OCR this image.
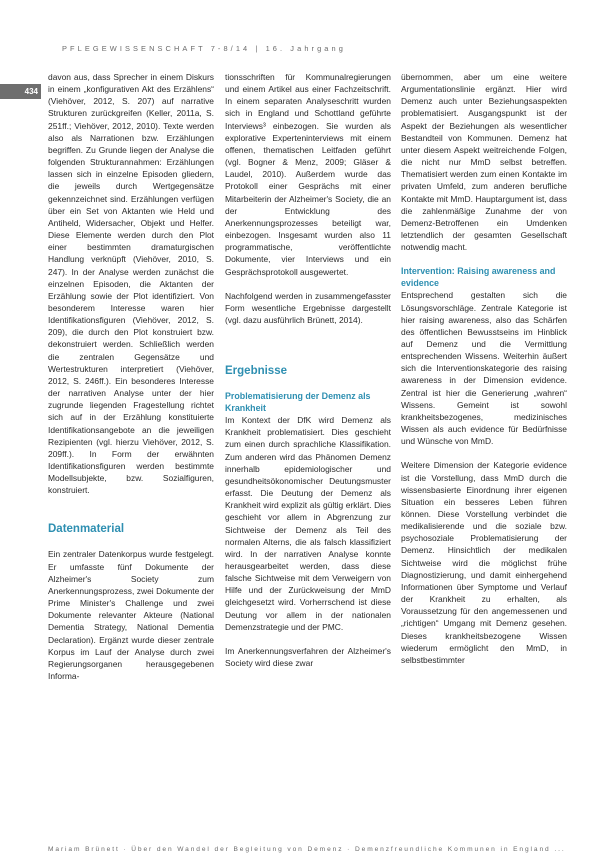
PFLEGEWISSENSCHAFT 7-8/14 | 16. Jahrgang
434

davon aus, dass Sprecher in einem Diskurs in einem „konfigurativen Akt des Erzählens“ (Viehöver, 2012, S. 207) auf narrative Strukturen zurückgreifen (Keller, 2011a, S. 251ff.; Viehöver, 2012, 2010). Texte werden also als Narrationen bzw. Erzählungen begriffen. Zu Grunde liegen der Analyse die folgenden Strukturannahmen: Erzählungen lassen sich in einzelne Episoden gliedern, die jeweils durch Wertgegensätze gekennzeichnet sind. Erzählungen verfügen über ein Set von Aktanten wie Held und Antiheld, Widersacher, Objekt und Helfer. Diese Elemente werden durch den Plot einer bestimmten dramaturgischen Handlung verknüpft (Viehöver, 2010, S. 247). In der Analyse werden zunächst die einzelnen Episoden, die Aktanten der Erzählung sowie der Plot identifiziert. Von besonderem Interesse waren hier Identifikationsfiguren (Viehöver, 2012, S. 209), die durch den Plot konstruiert bzw. dekonstruiert werden. Schließlich werden die zentralen Gegensätze und Wertestrukturen interpretiert (Viehöver, 2012, S. 246ff.). Ein besonderes Interesse der narrativen Analyse unter der hier zugrunde liegenden Fragestellung richtet sich auf in der Erzählung konstituierte Identifikationsangebote an die jeweiligen Rezipienten (vgl. hierzu Viehöver, 2012, S. 209ff.). In Form der erwähnten Identifikationsfiguren werden bestimmte Modellsubjekte, bzw. Sozialfiguren, konstruiert.

Datenmaterial

Ein zentraler Datenkorpus wurde festgelegt. Er umfasste fünf Dokumente der Alzheimer's Society zum Anerkennungsprozess, zwei Dokumente der Prime Minister's Challenge und zwei Dokumente relevanter Akteure (National Dementia Strategy, National Dementia Declaration). Ergänzt wurde dieser zentrale Korpus im Lauf der Analyse durch zwei Regierungsorganen herausgegebenen Informa-

tionsschriften für Kommunalregierungen und einem Artikel aus einer Fachzeitschrift. In einem separaten Analyseschritt wurden sich in England und Schottland geführte Interviews³ einbezogen. Sie wurden als explorative Experteninterviews mit einem offenen, thematischen Leitfaden geführt (vgl. Bogner & Menz, 2009; Gläser & Laudel, 2010). Außerdem wurde das Protokoll einer Gesprächs mit einer Mitarbeiterin der Alzheimer's Society, die an der Entwicklung des Anerkennungsprozesses beteiligt war, einbezogen. Insgesamt wurden also 11 programmatische, veröffentlichte Dokumente, vier Interviews und ein Gesprächsprotokoll ausgewertet.

Nachfolgend werden in zusammengefasster Form wesentliche Ergebnisse dargestellt (vgl. dazu ausführlich Brünett, 2014).

Ergebnisse
Problematisierung der Demenz als Krankheit

Im Kontext der DfK wird Demenz als Krankheit problematisiert. Dies geschieht zum einen durch sprachliche Klassifikation. Zum anderen wird das Phänomen Demenz innerhalb epidemiologischer und gesundheitsökonomischer Deutungsmuster erfasst. Die Deutung der Demenz als Krankheit wird explizit als gültig erklärt. Dies geschieht vor allem in Abgrenzung zur Sichtweise der Demenz als Teil des normalen Alterns, die als falsch klassifiziert wird. In der narrativen Analyse konnte herausgearbeitet werden, dass diese falsche Sichtweise mit dem Verweigern von Hilfe und der Zurückweisung der MmD gleichgesetzt wird. Vorherrschend ist diese Deutung vor allem in der nationalen Demenzstrategie und der PMC.

Im Anerkennungsverfahren der Alzheimer's Society wird diese zwar

übernommen, aber um eine weitere Argumentationslinie ergänzt. Hier wird Demenz auch unter Beziehungsaspekten problematisiert. Ausgangspunkt ist der Aspekt der Beziehungen als wesentlicher Bestandteil von Kommunen. Demenz hat unter diesem Aspekt weitreichende Folgen, die nicht nur MmD selbst betreffen. Thematisiert werden zum einen Kontakte im privaten Umfeld, zum anderen berufliche Kontakte mit MmD. Hauptargument ist, dass die zahlenmäßige Zunahme der von Demenz-Betroffenen ein Umdenken letztendlich der gesamten Gesellschaft notwendig macht.

Intervention: Raising awareness and evidence

Entsprechend gestalten sich die Lösungsvorschläge. Zentrale Kategorie ist hier raising awareness, also das Schärfen des öffentlichen Bewusstseins im Hinblick auf Demenz und die Vermittlung entsprechenden Wissens. Weiterhin äußert sich die Interventionskategorie des raising awareness in der Dimension evidence. Zentral ist hier die Generierung „wahren“ Wissens. Gemeint ist sowohl krankheitsbezogenes, medizinisches Wissen als auch evidence für Bedürfnisse und Wünsche von MmD.

Weitere Dimension der Kategorie evidence ist die Vorstellung, dass MmD durch die wissensbasierte Einordnung ihrer eigenen Situation ein besseres Leben führen können. Diese Vorstellung verbindet die medikalisierende und die soziale bzw. psychosoziale Problematisierung der Demenz. Hinsichtlich der medikalen Sichtweise wird die möglichst frühe Diagnostizierung, und damit einhergehend Informationen über Symptome und Verlauf der Krankheit zu erhalten, als Voraussetzung für den angemessenen und „richtigen“ Umgang mit Demenz gesehen. Dieses krankheitsbezogene Wissen wiederum ermöglicht den MmD, in selbstbestimmter

Mariam Brünett · Über den Wandel der Begleitung von Demenz · Demenzfreundliche Kommunen in England ...
